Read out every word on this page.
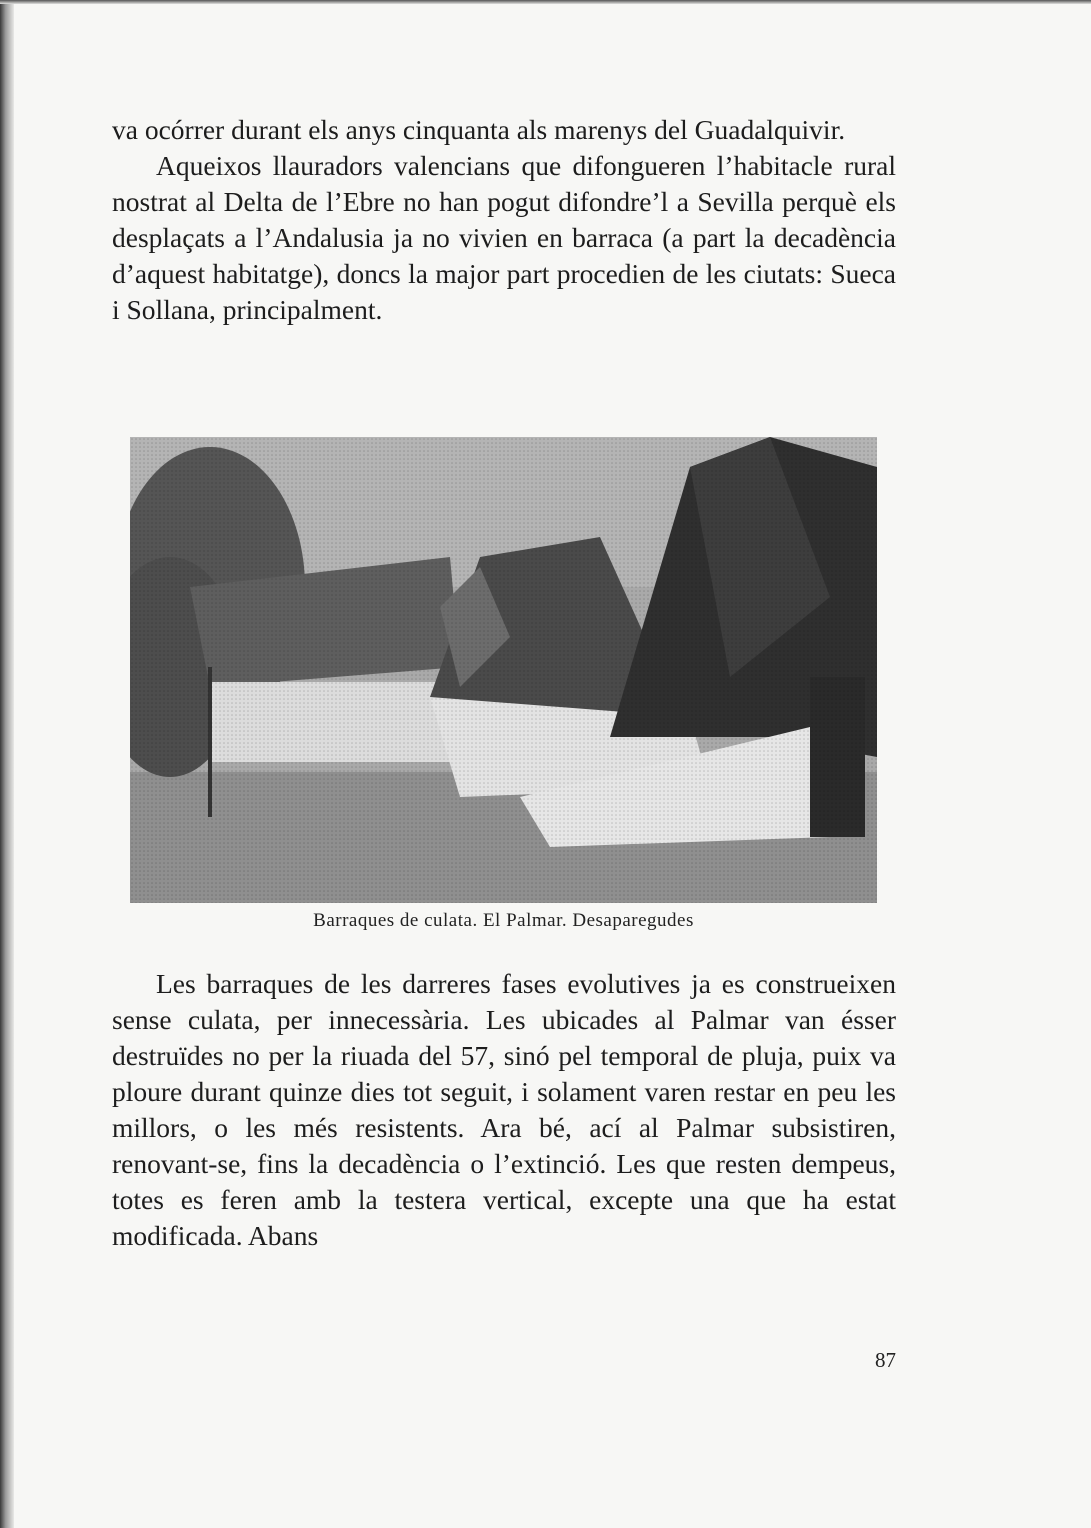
va ocórrer durant els anys cinquanta als marenys del Guadalquivir.

Aqueixos llauradors valencians que difongueren l’habitacle rural nostrat al Delta de l’Ebre no han pogut difondre’l a Sevilla perquè els desplaçats a l’Andalusia ja no vivien en barraca (a part la decadència d’aquest habitatge), doncs la major part procedien de les ciutats: Sueca i Sollana, principalment.

Barraques de culata. El Palmar. Desaparegudes

Les barraques de les darreres fases evolutives ja es construeixen sense culata, per innecessària. Les ubicades al Palmar van ésser destruïdes no per la riuada del 57, sinó pel temporal de pluja, puix va ploure durant quinze dies tot seguit, i solament varen restar en peu les millors, o les més resistents. Ara bé, ací al Palmar subsistiren, renovant-se, fins la decadència o l’extinció. Les que resten dempeus, totes es feren amb la testera vertical, excepte una que ha estat modificada. Abans

87
